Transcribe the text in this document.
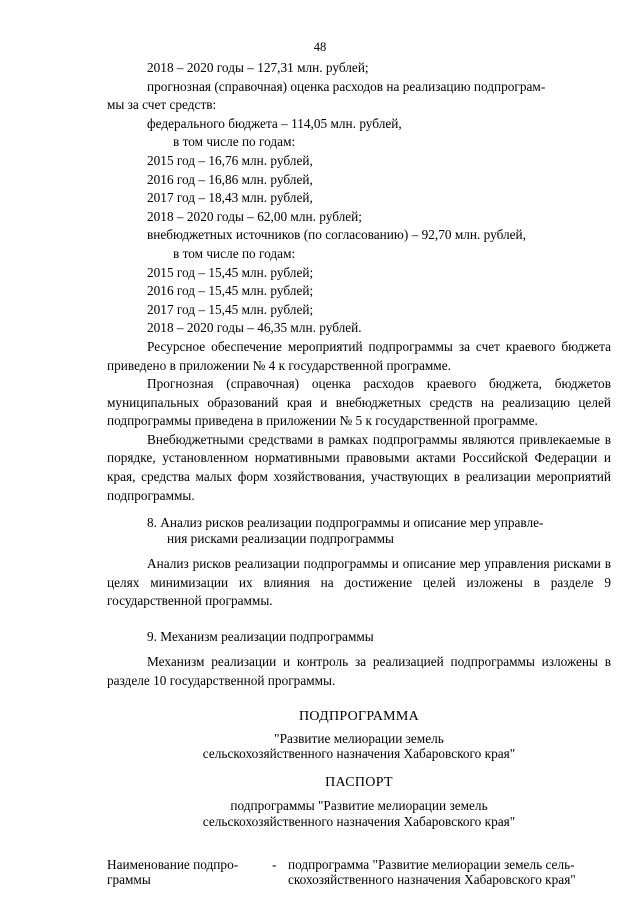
48
2018 – 2020 годы – 127,31 млн. рублей;
прогнозная (справочная) оценка расходов на реализацию подпрограм-
мы за счет средств:
федерального бюджета – 114,05 млн. рублей,
в том числе по годам:
2015 год – 16,76 млн. рублей,
2016 год – 16,86 млн. рублей,
2017 год – 18,43 млн. рублей,
2018 – 2020 годы – 62,00 млн. рублей;
внебюджетных источников (по согласованию) – 92,70 млн. рублей,
в том числе по годам:
2015 год – 15,45 млн. рублей;
2016 год – 15,45 млн. рублей;
2017 год – 15,45 млн. рублей;
2018 – 2020 годы – 46,35 млн. рублей.
Ресурсное обеспечение мероприятий подпрограммы за счет краевого бюджета приведено в приложении № 4 к государственной программе.
Прогнозная (справочная) оценка расходов краевого бюджета, бюджетов муниципальных образований края и внебюджетных средств на реализацию целей подпрограммы приведена в приложении № 5 к государственной программе.
Внебюджетными средствами в рамках подпрограммы являются привлекаемые в порядке, установленном нормативными правовыми актами Российской Федерации и края, средства малых форм хозяйствования, участвующих в реализации мероприятий подпрограммы.
8. Анализ рисков реализации подпрограммы и описание мер управле-
ния рисками реализации подпрограммы
Анализ рисков реализации подпрограммы и описание мер управления рисками в целях минимизации их влияния на достижение целей изложены в разделе 9 государственной программы.
9. Механизм реализации подпрограммы
Механизм реализации и контроль за реализацией подпрограммы изложены в разделе 10 государственной программы.
ПОДПРОГРАММА
"Развитие мелиорации земель
сельскохозяйственного назначения Хабаровского края"
ПАСПОРТ
подпрограммы "Развитие мелиорации земель
сельскохозяйственного назначения Хабаровского края"
Наименование подпро-
граммы
- подпрограмма "Развитие мелиорации земель сель-
скохозяйственного назначения Хабаровского края"
